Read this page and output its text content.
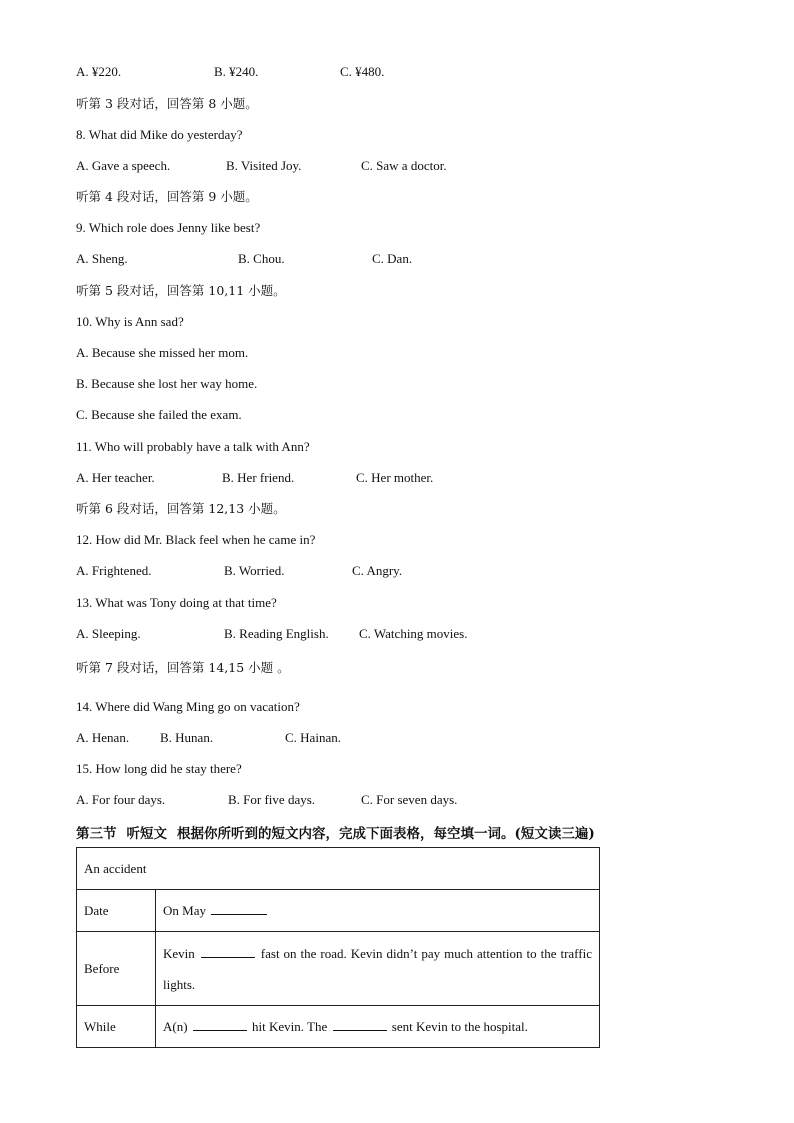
A. ¥220.	B. ¥240.	C. ¥480.
听第 3 段对话，回答第 8 小题。
8. What did Mike do yesterday?
A. Gave a speech.	B. Visited Joy.	C. Saw a doctor.
听第 4 段对话，回答第 9 小题。
9. Which role does Jenny like best?
A. Sheng.	B. Chou.	C. Dan.
听第 5 段对话，回答第 10,11 小题。
10. Why is Ann sad?
A. Because she missed her mom.
B. Because she lost her way home.
C. Because she failed the exam.
11. Who will probably have a talk with Ann?
A. Her teacher.	B. Her friend.	C. Her mother.
听第 6 段对话，回答第 12,13 小题。
12. How did Mr. Black feel when he came in?
A. Frightened.	B. Worried.	C. Angry.
13. What was Tony doing at that time?
A. Sleeping.	B. Reading English. C. Watching movies.
听第 7 段对话，回答第 14,15 小题 。
14. Where did Wang Ming go on vacation?
A. Henan. B. Hunan.	C. Hainan.
15. How long did he stay there?
A. For four days.	B. For five days.	C. For seven days.
第三节 听短文 根据你所听到的短文内容，完成下面表格，每空填一词。(短文读三遍)
An accident	
Date	On May
Before	Kevin fast on the road. Kevin didn’t pay much attention to the traffic lights.

While	A(n) hit Kevin. The sent Kevin to the hospital.
